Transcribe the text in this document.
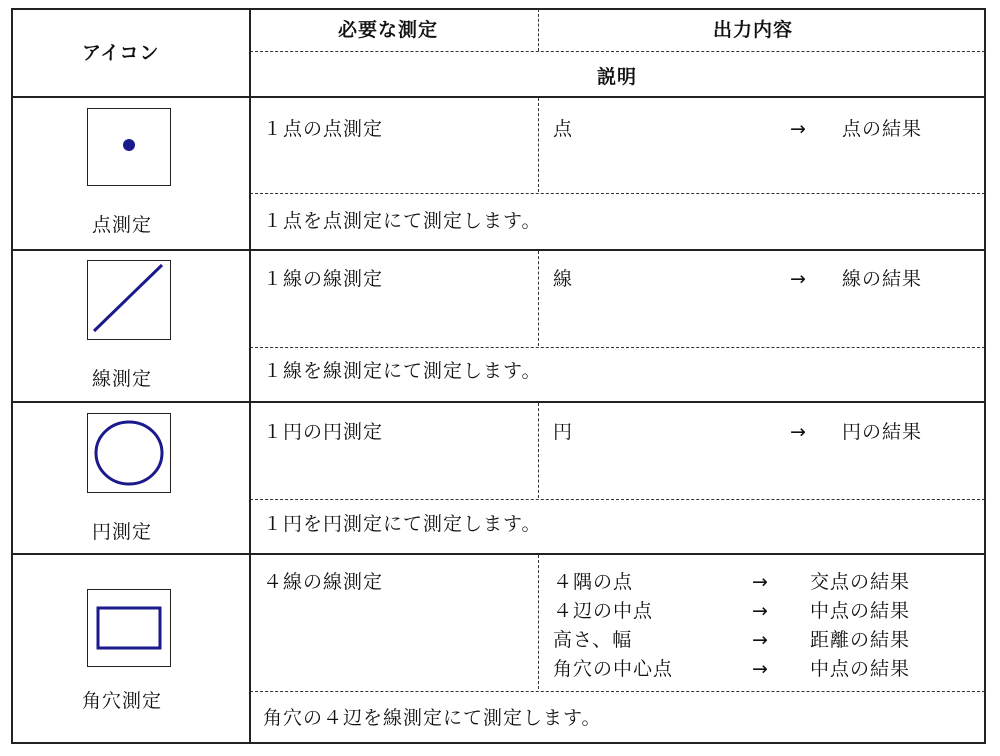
アイコン
必要な測定	出力内容
説明
点測定
１点の点測定	点	→ 点の結果
１点を点測定にて測定します。
線測定
１線の線測定	線	→ 線の結果
１線を線測定にて測定します。
円測定
１円の円測定	円	→ 円の結果
１円を円測定にて測定します。
角穴測定
４線の線測定	４隅の点	→ 交点の結果
４辺の中点	→ 中点の結果
高さ、幅	→ 距離の結果
角穴の中心点	→ 中点の結果
角穴の４辺を線測定にて測定します。
